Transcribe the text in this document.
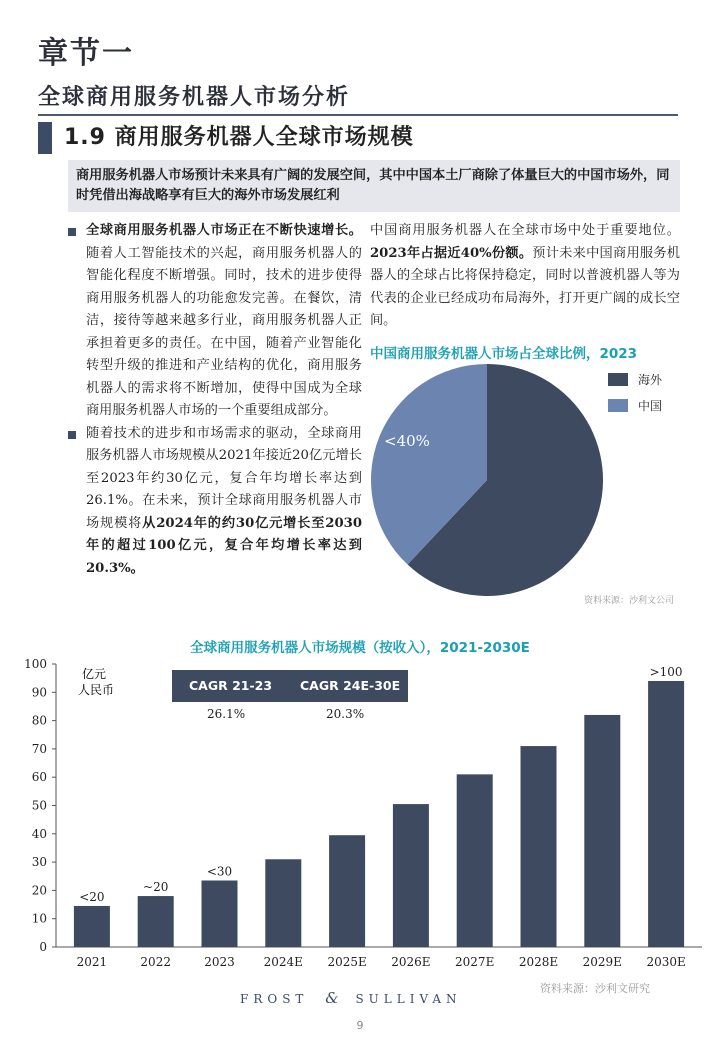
章节一
全球商用服务机器人市场分析
1.9 商用服务机器人全球市场规模
商用服务机器人市场预计未来具有广阔的发展空间，其中中国本土厂商除了体量巨大的中国市场外，同时凭借出海战略享有巨大的海外市场发展红利

全球商用服务机器人市场正在不断快速增长。随着人工智能技术的兴起，商用服务机器人的智能化程度不断增强。同时，技术的进步使得商用服务机器人的功能愈发完善。在餐饮，清洁，接待等越来越多行业，商用服务机器人正承担着更多的责任。在中国，随着产业智能化转型升级的推进和产业结构的优化，商用服务机器人的需求将不断增加，使得中国成为全球商用服务机器人市场的一个重要组成部分。

随着技术的进步和市场需求的驱动，全球商用服务机器人市场规模从2021年接近20亿元增长至2023年约30亿元，复合年均增长率达到26.1%。在未来，预计全球商用服务机器人市场规模将从2024年的约30亿元增长至2030年的超过100亿元，复合年均增长率达到20.3%。

中国商用服务机器人在全球市场中处于重要地位。2023年占据近40%份额。预计未来中国商用服务机器人的全球占比将保持稳定，同时以普渡机器人等为代表的企业已经成功布局海外，打开更广阔的成长空间。
中国商用服务机器人市场占全球比例，2023
<40%
海外
中国
资料来源：沙利文公司
全球商用服务机器人市场规模（按收入），2021-2030E
0
10
20
30
40
50
60
70
80
90
100
2021
<20
2022
~20
2023
<30
2024E 2025E 2026E 2027E 2028E 2029E 2030E
>100
亿元
人民币	CAGR 21-23 CAGR 24E-30E
26.1%	20.3%
FROST & SULLIVAN
资料来源：沙利文研究
9
